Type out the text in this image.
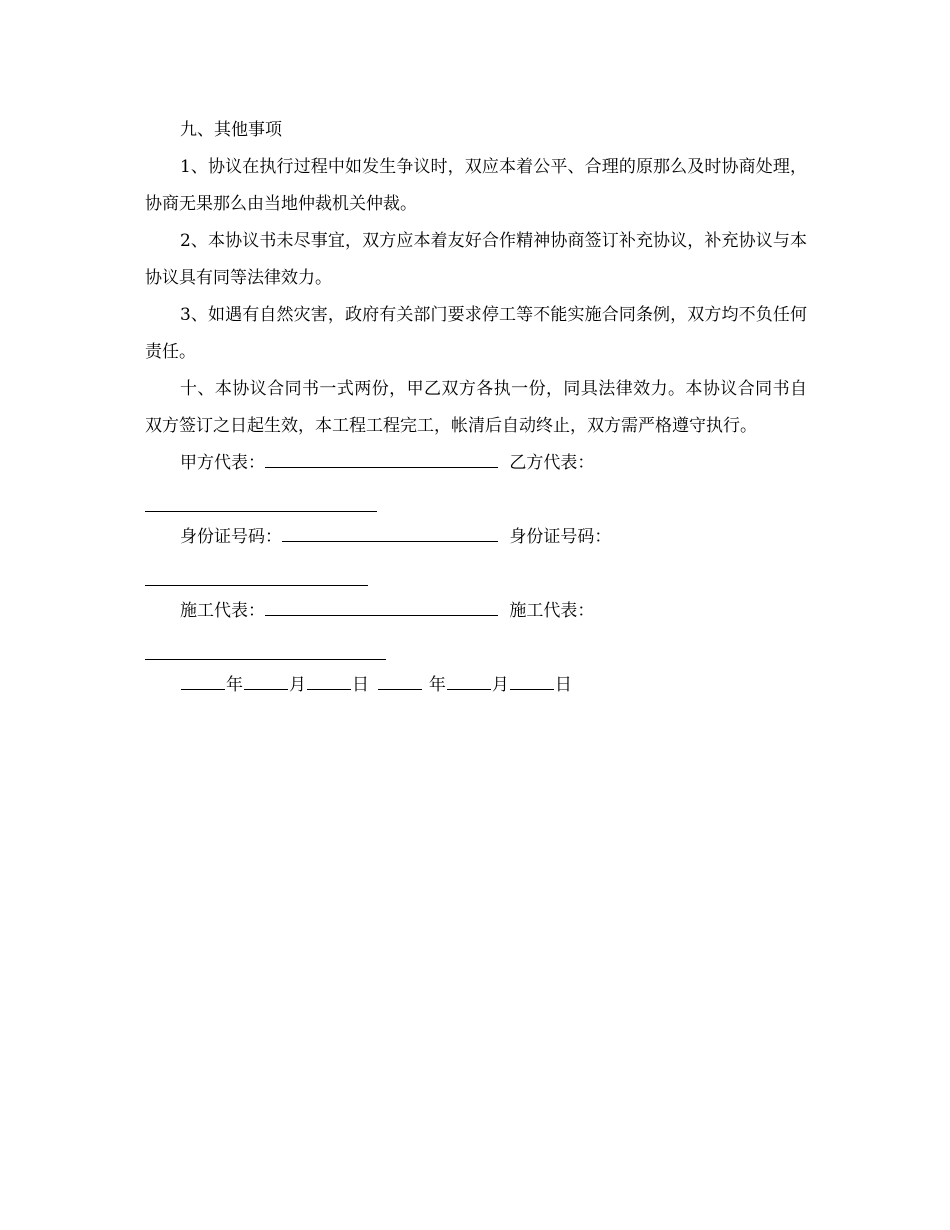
九、其他事项

1、协议在执行过程中如发生争议时，双应本着公平、合理的原那么及时协商处理，协商无果那么由当地仲裁机关仲裁。

2、本协议书未尽事宜，双方应本着友好合作精神协商签订补充协议，补充协议与本协议具有同等法律效力。

3、如遇有自然灾害，政府有关部门要求停工等不能实施合同条例，双方均不负任何责任。

十、本协议合同书一式两份，甲乙双方各执一份，同具法律效力。本协议合同书自双方签订之日起生效，本工程工程完工，帐清后自动终止，双方需严格遵守执行。

甲方代表：	乙方代表：

身份证号码：	身份证号码：

施工代表：	施工代表：

年	月	日	年	月	日
